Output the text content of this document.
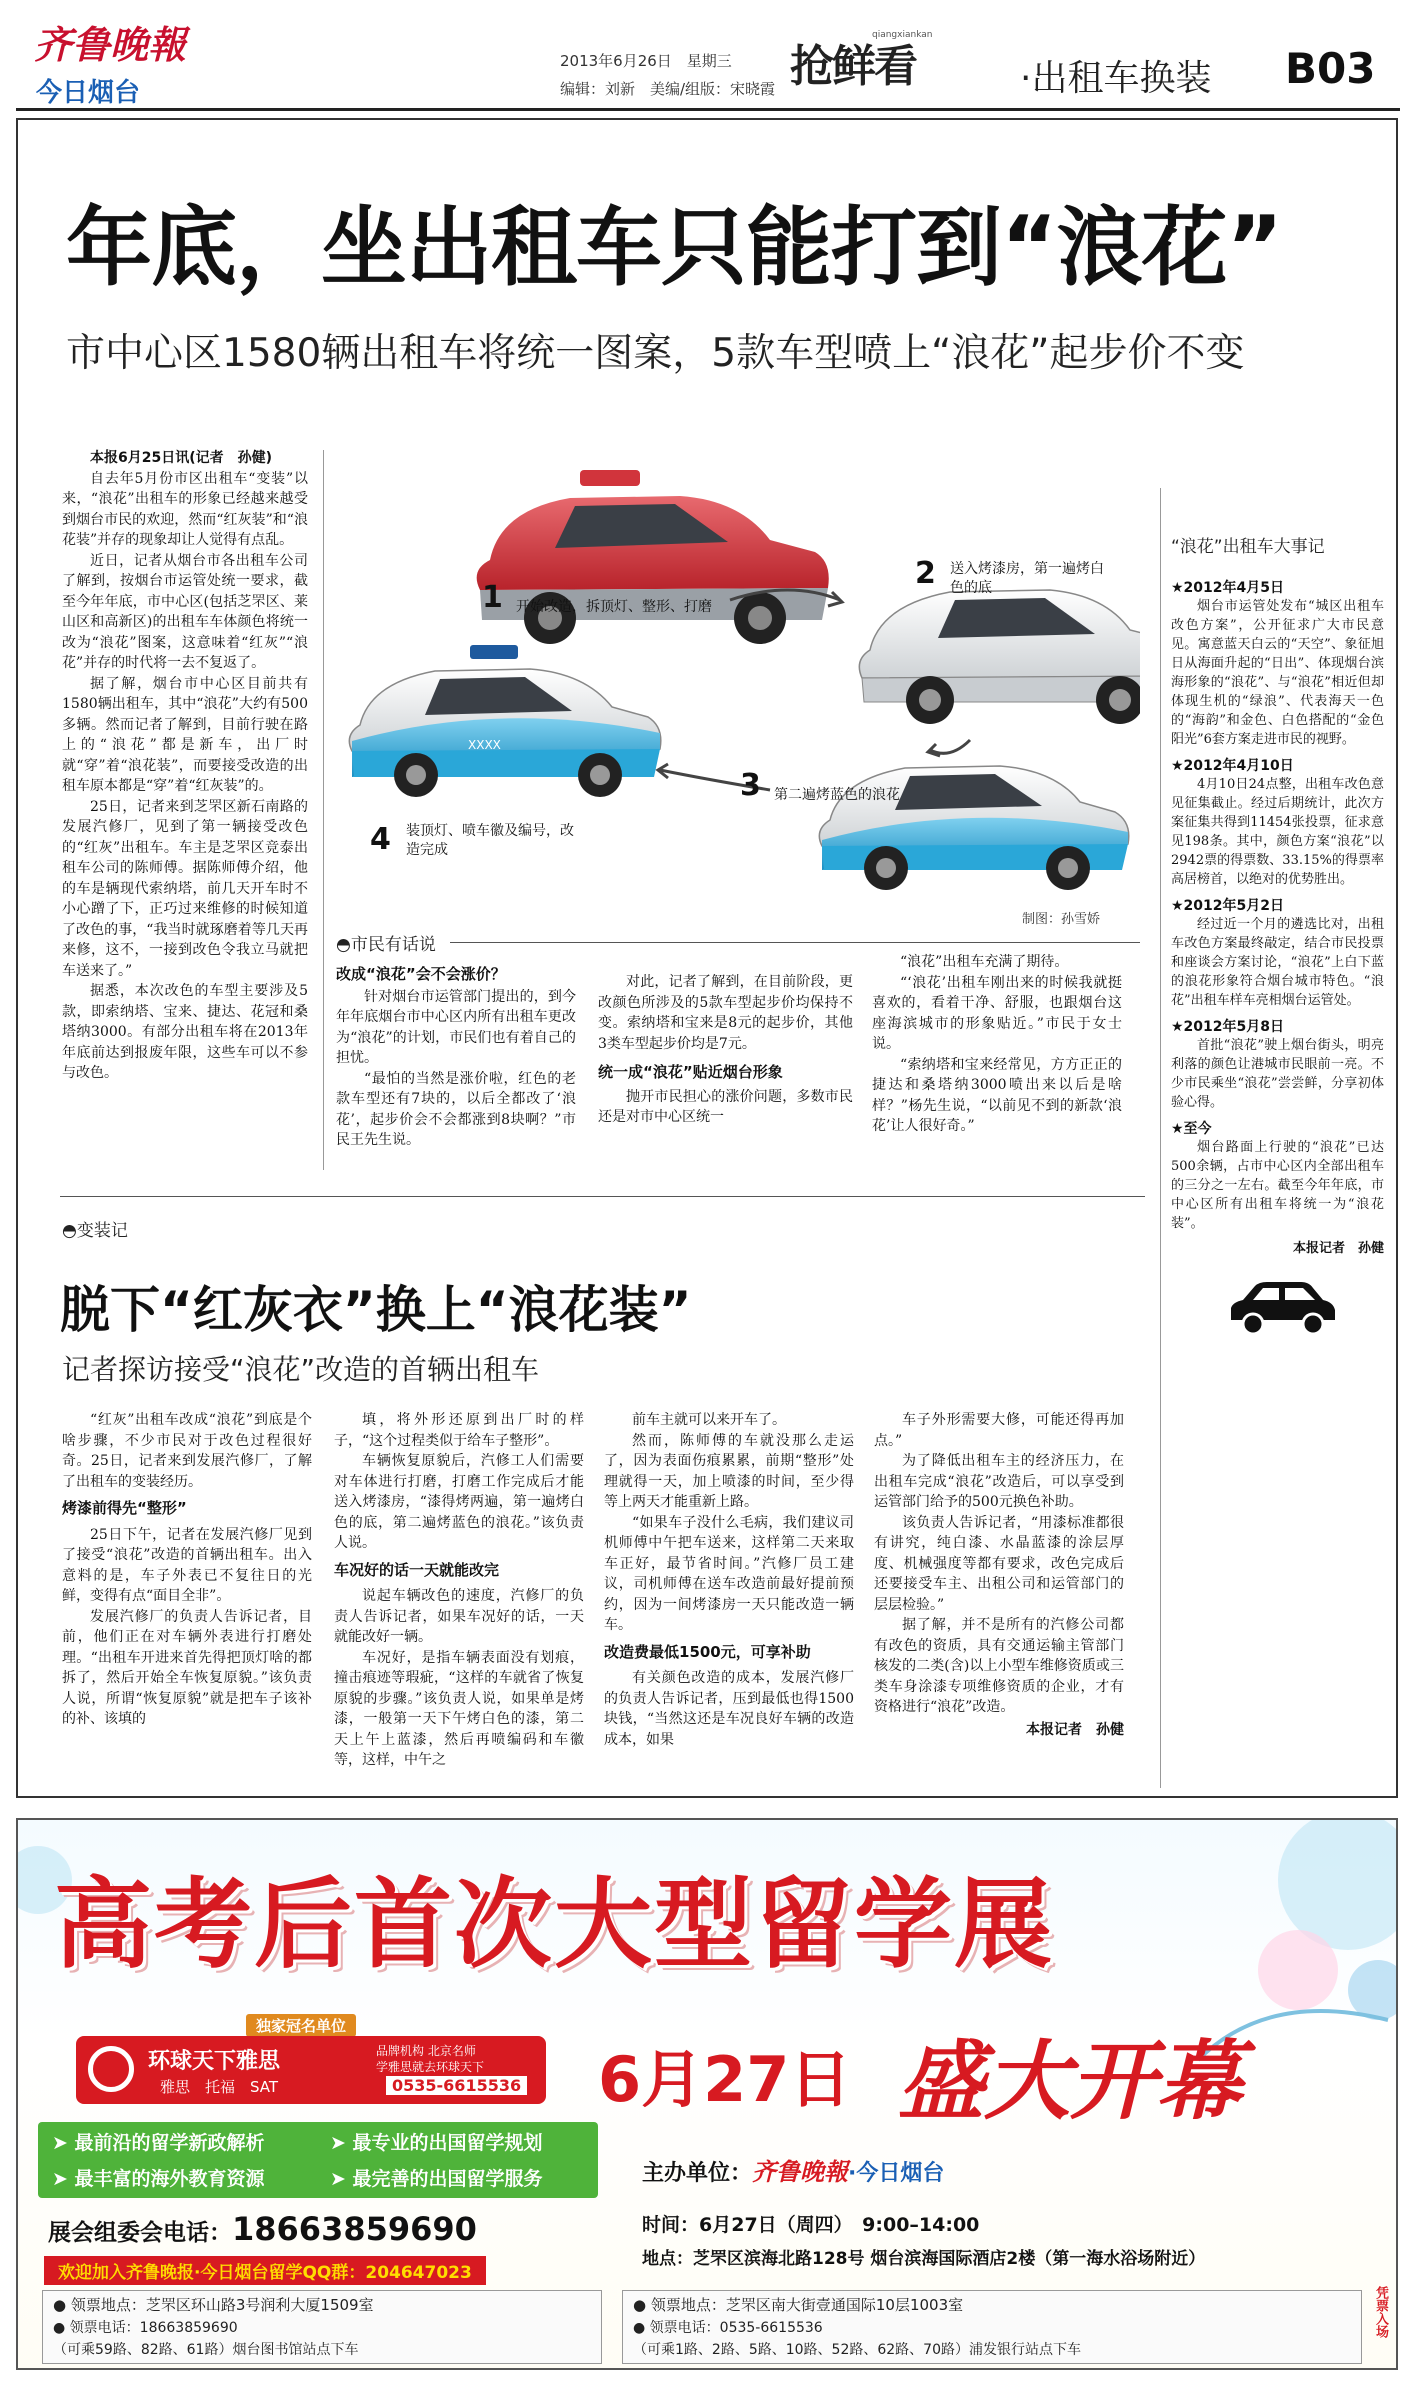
齐鲁晚報
今日烟台
2013年6月26日　星期三
编辑：刘新　美编/组版：宋晓霞 抢鲜看
qiangxiankan
·出租车换装 B03
年底，坐出租车只能打到“浪花”
市中心区1580辆出租车将统一图案，5款车型喷上“浪花”起步价不变

本报6月25日讯(记者　孙健)

自去年5月份市区出租车“变装”以来，“浪花”出租车的形象已经越来越受到烟台市民的欢迎，然而“红灰装”和“浪花装”并存的现象却让人觉得有点乱。

近日，记者从烟台市各出租车公司了解到，按烟台市运管处统一要求，截至今年年底，市中心区(包括芝罘区、莱山区和高新区)的出租车车体颜色将统一改为“浪花”图案，这意味着“红灰”“浪花”并存的时代将一去不复返了。

据了解，烟台市中心区目前共有1580辆出租车，其中“浪花”大约有500多辆。然而记者了解到，目前行驶在路上的“浪花”都是新车，出厂时就“穿”着“浪花装”，而要接受改造的出租车原本都是“穿”着“红灰装”的。

25日，记者来到芝罘区新石南路的发展汽修厂，见到了第一辆接受改色的“红灰”出租车。车主是芝罘区竞泰出租车公司的陈师傅。据陈师傅介绍，他的车是辆现代索纳塔，前几天开车时不小心蹭了下，正巧过来维修的时候知道了改色的事，“我当时就琢磨着等几天再来修，这不，一接到改色令我立马就把车送来了。”

据悉，本次改色的车型主要涉及5款，即索纳塔、宝来、捷达、花冠和桑塔纳3000。有部分出租车将在2013年年底前达到报废年限，这些车可以不参与改色。

XXXX
1 开始改造，拆顶灯、整形、打磨
2 送入烤漆房，第一遍烤白色的底
3 第二遍烤蓝色的浪花
4 装顶灯、喷车徽及编号，改造完成
制图：孙雪娇
◓市民有话说
改成“浪花”会不会涨价？

针对烟台市运管部门提出的，到今年年底烟台市中心区内所有出租车更改为“浪花”的计划，市民们也有着自己的担忧。

“最怕的当然是涨价啦，红色的老款车型还有7块的，以后全都改了‘浪花’，起步价会不会都涨到8块啊？”市民王先生说。

对此，记者了解到，在目前阶段，更改颜色所涉及的5款车型起步价均保持不变。索纳塔和宝来是8元的起步价，其他3类车型起步价均是7元。

统一成“浪花”贴近烟台形象

抛开市民担心的涨价问题，多数市民还是对市中心区统一

“浪花”出租车充满了期待。

“‘浪花’出租车刚出来的时候我就挺喜欢的，看着干净、舒服，也跟烟台这座海滨城市的形象贴近。”市民于女士说。

“索纳塔和宝来经常见，方方正正的捷达和桑塔纳3000喷出来以后是啥样？”杨先生说，“以前见不到的新款‘浪花’让人很好奇。”

“浪花”出租车大事记
★2012年4月5日
烟台市运管处发布“城区出租车改色方案”，公开征求广大市民意见。寓意蓝天白云的“天空”、象征旭日从海面升起的“日出”、体现烟台滨海形象的“浪花”、与“浪花”相近但却体现生机的“绿浪”、代表海天一色的“海韵”和金色、白色搭配的“金色阳光”6套方案走进市民的视野。
★2012年4月10日
4月10日24点整，出租车改色意见征集截止。经过后期统计，此次方案征集共得到11454张投票，征求意见198条。其中，颜色方案“浪花”以2942票的得票数、33.15%的得票率高居榜首，以绝对的优势胜出。
★2012年5月2日
经过近一个月的遴选比对，出租车改色方案最终敲定，结合市民投票和座谈会方案讨论，“浪花”上白下蓝的浪花形象符合烟台城市特色。“浪花”出租车样车亮相烟台运管处。
★2012年5月8日
首批“浪花”驶上烟台街头，明亮利落的颜色让港城市民眼前一亮。不少市民乘坐“浪花”尝尝鲜，分享初体验心得。
★至今
烟台路面上行驶的“浪花”已达500余辆，占市中心区内全部出租车的三分之一左右。截至今年年底，市中心区所有出租车将统一为“浪花装”。
本报记者　孙健
◓变装记
脱下“红灰衣”换上“浪花装”
记者探访接受“浪花”改造的首辆出租车

“红灰”出租车改成“浪花”到底是个啥步骤，不少市民对于改色过程很好奇。25日，记者来到发展汽修厂，了解了出租车的变装经历。

烤漆前得先“整形”

25日下午，记者在发展汽修厂见到了接受“浪花”改造的首辆出租车。出入意料的是，车子外表已不复往日的光鲜，变得有点“面目全非”。

发展汽修厂的负责人告诉记者，目前，他们正在对车辆外表进行打磨处理。“出租车开进来首先得把顶灯啥的都拆了，然后开始全车恢复原貌。”该负责人说，所谓“恢复原貌”就是把车子该补的补、该填的

填，将外形还原到出厂时的样子，“这个过程类似于给车子整形”。

车辆恢复原貌后，汽修工人们需要对车体进行打磨，打磨工作完成后才能送入烤漆房，“漆得烤两遍，第一遍烤白色的底，第二遍烤蓝色的浪花。”该负责人说。

车况好的话一天就能改完

说起车辆改色的速度，汽修厂的负责人告诉记者，如果车况好的话，一天就能改好一辆。

车况好，是指车辆表面没有划痕，撞击痕迹等瑕疵，“这样的车就省了恢复原貌的步骤。”该负责人说，如果单是烤漆，一般第一天下午烤白色的漆，第二天上午上蓝漆，然后再喷编码和车徽等，这样，中午之

前车主就可以来开车了。

然而，陈师傅的车就没那么走运了，因为表面伤痕累累，前期“整形”处理就得一天，加上喷漆的时间，至少得等上两天才能重新上路。

“如果车子没什么毛病，我们建议司机师傅中午把车送来，这样第二天来取车正好，最节省时间。”汽修厂员工建议，司机师傅在送车改造前最好提前预约，因为一间烤漆房一天只能改造一辆车。

改造费最低1500元，可享补助

有关颜色改造的成本，发展汽修厂的负责人告诉记者，压到最低也得1500块钱，“当然这还是车况良好车辆的改造成本，如果

车子外形需要大修，可能还得再加点。”

为了降低出租车主的经济压力，在出租车完成“浪花”改造后，可以享受到运管部门给予的500元换色补助。

该负责人告诉记者，“用漆标准都很有讲究，纯白漆、水晶蓝漆的涂层厚度、机械强度等都有要求，改色完成后还要接受车主、出租公司和运管部门的层层检验。”

据了解，并不是所有的汽修公司都有改色的资质，具有交通运输主管部门核发的二类(含)以上小型车维修资质或三类车身涂漆专项维修资质的企业，才有资格进行“浪花”改造。

本报记者　孙健
高考后首次大型留学展
独家冠名单位
环球天下雅思
雅思　托福　SAT
品牌机构 北京名师
学雅思就去环球天下
0535-6615536 6月27日 盛大开幕
➤ 最前沿的留学新政解析	➤ 最专业的出国留学规划
➤ 最丰富的海外教育资源	➤ 最完善的出国留学服务
展会组委会电话：18663859690
欢迎加入齐鲁晚报·今日烟台留学QQ群：204647023
主办单位：齐鲁晚報·今日烟台
时间：6月27日（周四）　9:00–14:00
地点：芝罘区滨海北路128号 烟台滨海国际酒店2楼（第一海水浴场附近）
● 领票地点：芝罘区环山路3号润利大厦1509室
● 领票电话：18663859690
（可乘59路、82路、61路）烟台图书馆站点下车
● 领票地点：芝罘区南大街壹通国际10层1003室
● 领票电话：0535-6615536
（可乘1路、2路、5路、10路、52路、62路、70路）浦发银行站点下车
凭票入场
